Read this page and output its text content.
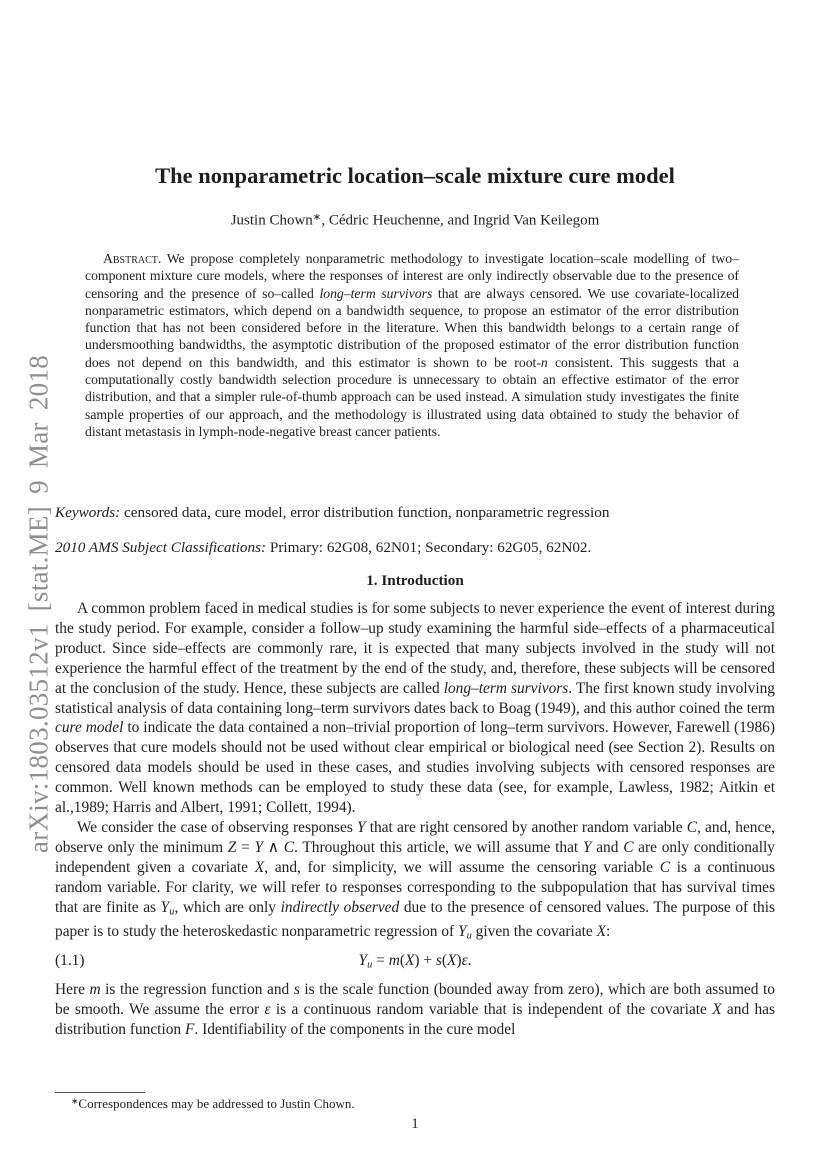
arXiv:1803.03512v1 [stat.ME] 9 Mar 2018
The nonparametric location–scale mixture cure model
Justin Chown∗, Cédric Heuchenne, and Ingrid Van Keilegom
Abstract. We propose completely nonparametric methodology to investigate location–scale modelling of two–component mixture cure models, where the responses of interest are only indirectly observable due to the presence of censoring and the presence of so–called long–term survivors that are always censored. We use covariate-localized nonparametric estimators, which depend on a bandwidth sequence, to propose an estimator of the error distribution function that has not been considered before in the literature. When this bandwidth belongs to a certain range of undersmoothing bandwidths, the asymptotic distribution of the proposed estimator of the error distribution function does not depend on this bandwidth, and this estimator is shown to be root-n consistent. This suggests that a computationally costly bandwidth selection procedure is unnecessary to obtain an effective estimator of the error distribution, and that a simpler rule-of-thumb approach can be used instead. A simulation study investigates the finite sample properties of our approach, and the methodology is illustrated using data obtained to study the behavior of distant metastasis in lymph-node-negative breast cancer patients.
Keywords: censored data, cure model, error distribution function, nonparametric regression
2010 AMS Subject Classifications: Primary: 62G08, 62N01; Secondary: 62G05, 62N02.
1. Introduction

A common problem faced in medical studies is for some subjects to never experience the event of interest during the study period. For example, consider a follow–up study examining the harmful side–effects of a pharmaceutical product. Since side–effects are commonly rare, it is expected that many subjects involved in the study will not experience the harmful effect of the treatment by the end of the study, and, therefore, these subjects will be censored at the conclusion of the study. Hence, these subjects are called long–term survivors. The first known study involving statistical analysis of data containing long–term survivors dates back to Boag (1949), and this author coined the term cure model to indicate the data contained a non–trivial proportion of long–term survivors. However, Farewell (1986) observes that cure models should not be used without clear empirical or biological need (see Section 2). Results on censored data models should be used in these cases, and studies involving subjects with censored responses are common. Well known methods can be employed to study these data (see, for example, Lawless, 1982; Aitkin et al.,1989; Harris and Albert, 1991; Collett, 1994).

We consider the case of observing responses Y that are right censored by another random variable C, and, hence, observe only the minimum Z = Y ∧ C. Throughout this article, we will assume that Y and C are only conditionally independent given a covariate X, and, for simplicity, we will assume the censoring variable C is a continuous random variable. For clarity, we will refer to responses corresponding to the subpopulation that has survival times that are finite as $Y_u$, which are only indirectly observed due to the presence of censored values. The purpose of this paper is to study the heteroskedastic nonparametric regression of $Y_u$ given the covariate X:

(1.1)	$Y_u = m(X) + s(X)\varepsilon$.

Here m is the regression function and s is the scale function (bounded away from zero), which are both assumed to be smooth. We assume the error ε is a continuous random variable that is independent of the covariate X and has distribution function F. Identifiability of the components in the cure model

∗Correspondences may be addressed to Justin Chown.
1
